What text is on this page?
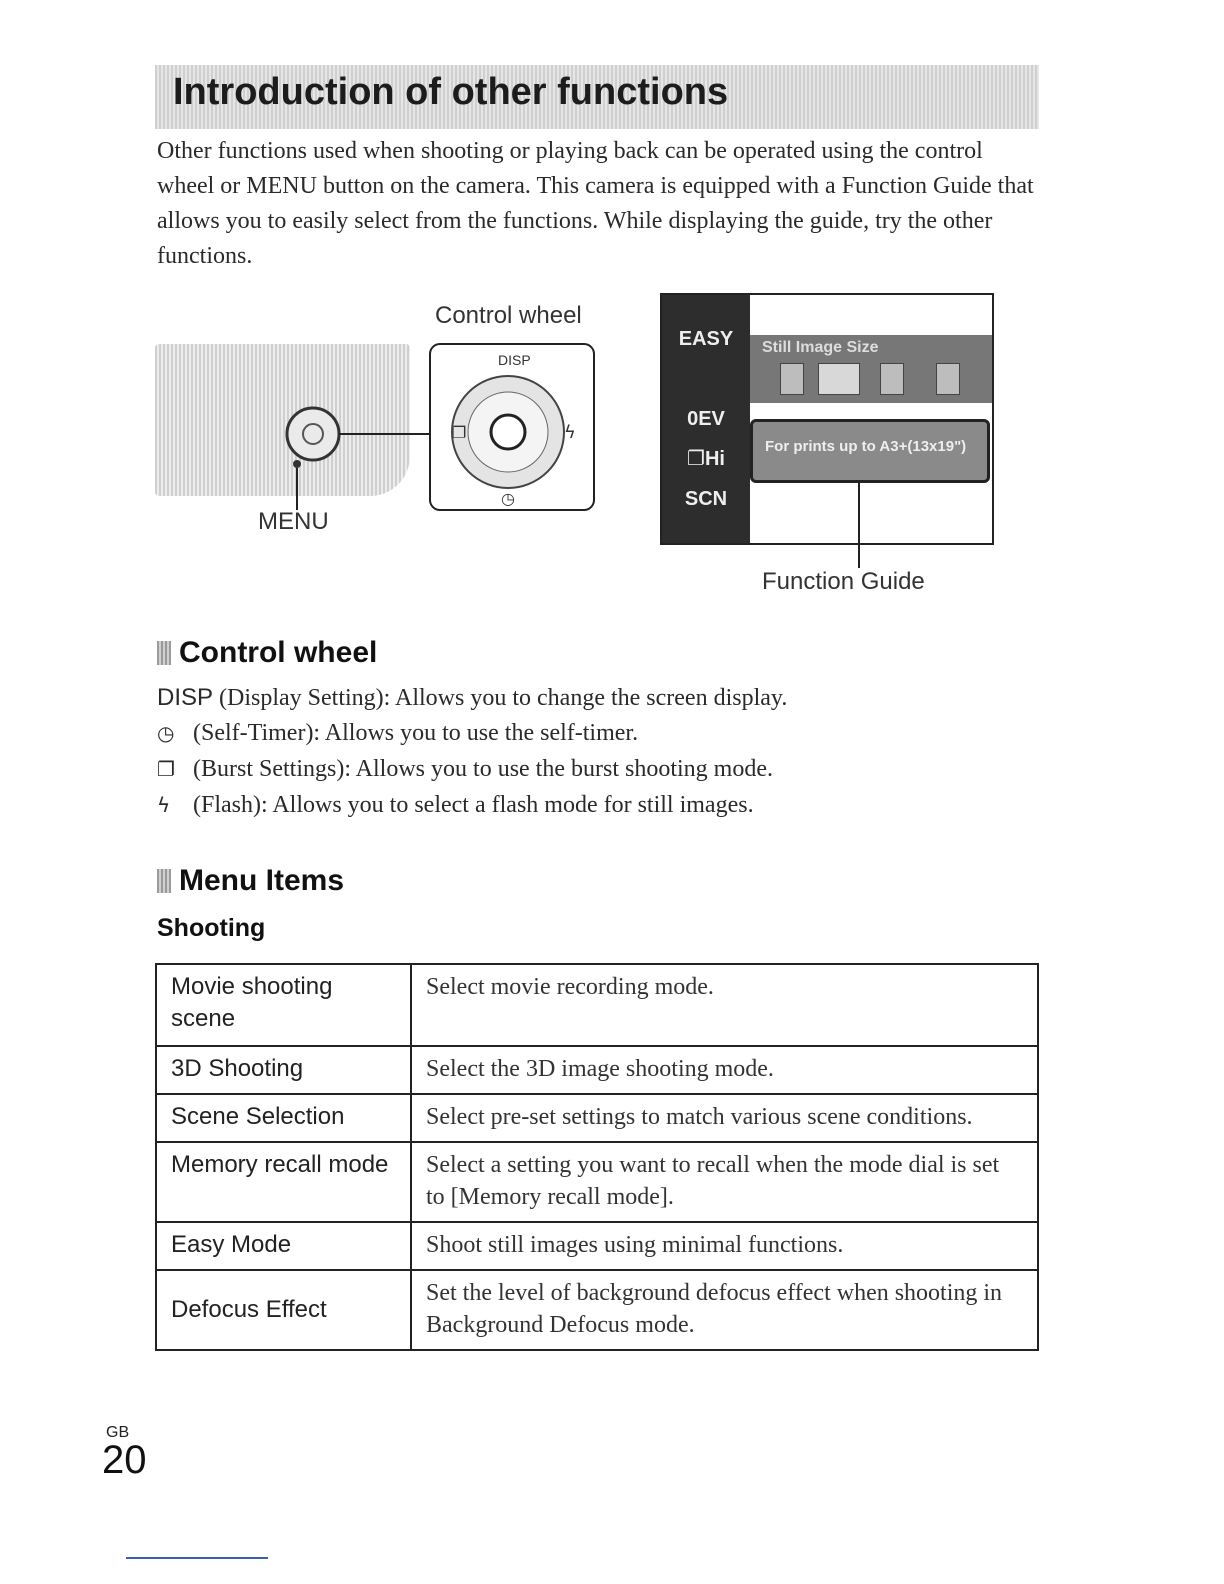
Introduction of other functions
Other functions used when shooting or playing back can be operated using the control wheel or MENU button on the camera. This camera is equipped with a Function Guide that allows you to easily select from the functions. While displaying the guide, try the other functions.
Control wheel
❐	ϟ
◷
DISP
MENU
EASY
0EV
❐Hi
SCN
Still Image Size
For prints up to A3+(13x19")
Function Guide
Control wheel
DISP (Display Setting): Allows you to change the screen display.
◷ (Self-Timer): Allows you to use the self-timer.
❐ (Burst Settings): Allows you to use the burst shooting mode.
ϟ (Flash): Allows you to select a flash mode for still images.
Menu Items
Shooting
Movie shooting scene	Select movie recording mode.
3D Shooting	Select the 3D image shooting mode.
Scene Selection	Select pre-set settings to match various scene conditions.
Memory recall mode	Select a setting you want to recall when the mode dial is set to [Memory recall mode].
Easy Mode	Shoot still images using minimal functions.
Defocus Effect	Set the level of background defocus effect when shooting in Background Defocus mode.
GB
20
